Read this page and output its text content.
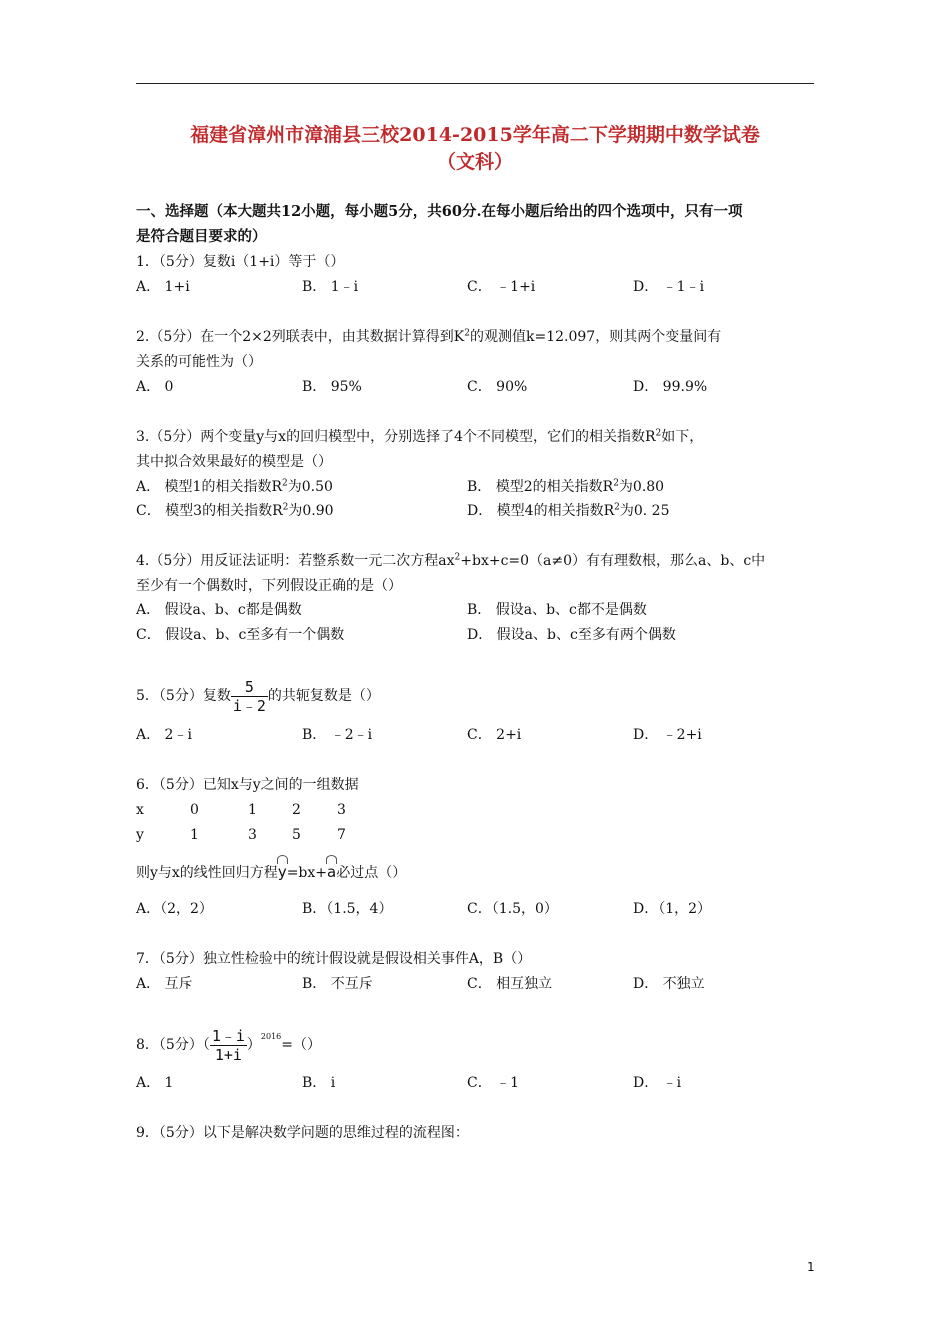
福建省漳州市漳浦县三校2014-2015学年高二下学期期中数学试卷

（文科）

一、选择题（本大题共12小题，每小题5分，共60分.在每小题后给出的四个选项中，只有一项
是符合题目要求的）
1．（5分）复数i（1+i）等于（）
A． 1+i	B． 1﹣i	C． ﹣1+i	D． ﹣1﹣i
2.（5分）在一个2×2列联表中，由其数据计算得到$K^2$的观测值k=12.097，则其两个变量间有
关系的可能性为（）
A． 0	B． 95%	C． 90%	D． 99.9%
3.（5分）两个变量y与x的回归模型中，分别选择了4个不同模型，它们的相关指数$R^2$如下，
其中拟合效果最好的模型是（）
A． 模型1的相关指数$R^2$为0.50	B． 模型2的相关指数$R^2$为0.80
C． 模型3的相关指数$R^2$为0.90	D． 模型4的相关指数$R^2$为0. 25
4.（5分）用反证法证明：若整系数一元二次方程$ax^2+bx+c=0(a\ne 0)$有有理数根，那么a、b、c中
至少有一个偶数时，下列假设正确的是（）
A． 假设a、b、c都是偶数	B． 假设a、b、c都不是偶数
C． 假设a、b、c至多有一个偶数	D． 假设a、b、c至多有两个偶数
5．（5分）复数 $\frac{5}{i﹣2}$ 的共轭复数是（）
A． 2﹣i	B． ﹣2﹣i	C． 2+i	D． ﹣2+i
6．（5分）已知x与y之间的一组数据
x	0	1	2	3
y	1	3	5	7
则y与x的线性回归方程y=bx+a必过点（）
A．（2，2）	B．（1.5，4）	C．（1.5，0）	D．（1，2）
7．（5分）独立性检验中的统计假设就是假设相关事件A，B（）
A． 互斥	B． 不互斥	C． 相互独立	D． 不独立
8．（5分）（ $\frac{1﹣i}{1+i} )^{2016}=()$
A． 1	B． i	C． ﹣1	D． ﹣i
9．（5分）以下是解决数学问题的思维过程的流程图：
1
